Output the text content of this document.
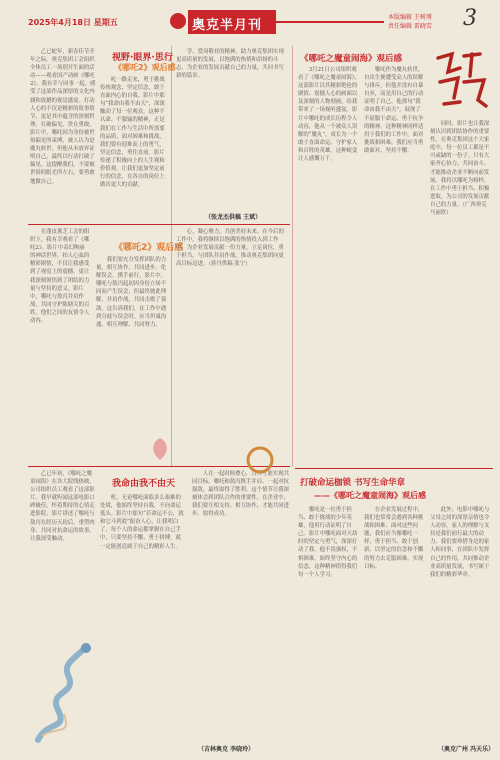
2025年4月18日 星期五	奥克半月刊
本版编辑 王树博
责任编辑 雷晓雪 3

乙已蛇年，新春佳节开年之际，奥克集团工会组织全体员工一场别开生面的活动——观看国产动画《哪吒2》。我有幸与同事一起，感受了这部作品深厚的文化内涵和震撼的视觉盛宴。打动人心的不仅是精彩的故事情节，更是其中蕴含的深刻哲理。打破偏见，贵在勇敢。影片中，哪吒因为身份被世俗偏见所束缚，被人认为是魔丸转世，但他从未放弃证明自己，最终以行动打破了偏见。这提醒我们，不要被世俗的眼光所左右，要勇敢地做自己。

视野·眼界·思行
《哪吒2》观后感

吒一路走来，勇于挑战传统观念，坚定信念，敢于直面内心的自我。影片中那句“我命由我不由天”，深深触动了每一位观众。这种不认命、不服输的精神，正是我们在工作与生活中所需要的品质。面对困难和挑战，我们要有迎难而上的勇气，坚定信念，勇往直前。影片传递了积极向上的人生观和价值观，让我们更加坚定前行的信念，在各自的岗位上做出更大的贡献。

学、爱岗敬业的精神，助力奥克集团实现更高质量的发展，以饱满的热情和昂扬的斗志，为企业的发展贡献自己的力量，共同书写新的篇章。

（张龙杰供稿 王斌）

在蓬皮葱芝工会的组织下，我有幸观看了《哪吒2》。影片中奇幻绚丽的神话世界，扣人心弦的精彩剧情，不仅让我感受到了视觉上的震撼，更让我深刻领悟到了团结的力量与坚持的意义。影片中，哪吒与敖丙并肩作战，共同守护陈塘关的百姓，他们之间的友情令人动容。

《哪吒2》观后感

我们要充分发挥团队的力量，相互协作，共同进步。化解误会，携手前行。影片中，哪吒与敖丙起初因身份立场不同而产生误会，但最终彼此理解、并肩作战，共同击败了强敌。这告诉我们，在工作中遇到分歧与误会时，应当坦诚沟通、相互理解、共同努力。

心，凝心聚力，共创美好未来。在今后的工作中，我将继续以饱满的热情投入到工作中，为企业发展贡献一份力量。立足岗位，勇于担当，与团队并肩作战，推动奥克集团向更高目标迈进。（蒋丹供稿 张宁）

《哪吒之魔童闹海》观后感

3月21日公司组织观看了《哪吒之魔童闹海》，这部影片以其精彩绝伦的剧情、震撼人心的画面以及深刻的人物刻画，给我带来了一场视听盛宴。影片中哪吒的成长历程令人动容，他从一个被众人误解的“魔丸”，成长为一个敢于直面命运、守护家人和百姓的英雄，这种蜕变让人感慨万千。

哪吒作为魔丸转世，自出生便遭受众人的误解与排斥，但他并没有自暴自弃，而是用自己的行动证明了自己。他那句“我命由我不由天”，展现了不屈服于命运、勇于抗争的精神。这种精神同样适用于我们的工作中，面对挑战和困难，我们应当勇敢面对、坚持不懈。

同时，影片也让我深刻认识到团结协作的重要性。在奥克集团这个大家庭中，每一位员工都是不可或缺的一份子。只有大家齐心协力、共同奋斗，才能推动企业不断向前发展。我将以哪吒为榜样，在工作中勇于担当、积极进取，为公司的发展贡献自己的力量。（广西奥克 马丽欣）

我命由我不由天

乙已年初，《哪吒之魔童闹海》在各大院线热映。公司组织员工观看了这部影片。我早就听闻这部电影口碑极佳，怀着期待的心情走进影院。影片讲述了哪吒与敖丙在经历天劫后，重塑肉身、共同对抗命运的故事，让我深受触动。

机，无论哪吒面临多么艰难的处境，他始终坚持自我，不向命运低头。影片中那句“若命运不公，就和它斗到底”振奋人心，让我明白了，每个人的命运都掌握在自己手中，只要坚持不懈、勇于拼搏，就一定能创造属于自己的精彩人生。

人在一起时候叠心，合作才能实现共同目标。哪吒和敖丙携手并肩、一起对抗强敌，最终取得了胜利。这个情节让我深刻体会到团队合作的重要性。在企业中，我们要互相支持、相互协作，才能共同进步、取得成功。

（吉林奥克 李晓玲）
打破命运枷锁 书写生命华章
——《哪吒之魔童闹海》观后感

哪吒是一位勇于担当、敢于挑战的少年英雄，他用行动证明了自己。影片中哪吒面对天劫时的坚定与勇气，深深打动了我。他不畏强权，不惧困难，始终坚守内心的信念，这种精神值得我们每一个人学习。

在企业发展过程中，我们也常常会遇到各种挑战和困难。面对这些问题，我们应当像哪吒一样，勇于担当、敢于创新，以坚定的信念和不懈的努力去克服困难，实现目标。

此外，电影中哪吒与父母之间的深厚亲情也令人动容，家人的理解与支持是我们前行最大的动力。我们要珍惜身边的家人和同事，在团队中发挥自己的作用，共同推动企业高质量发展，书写属于我们的精彩华章。

（奥克广州 冯天乐）
